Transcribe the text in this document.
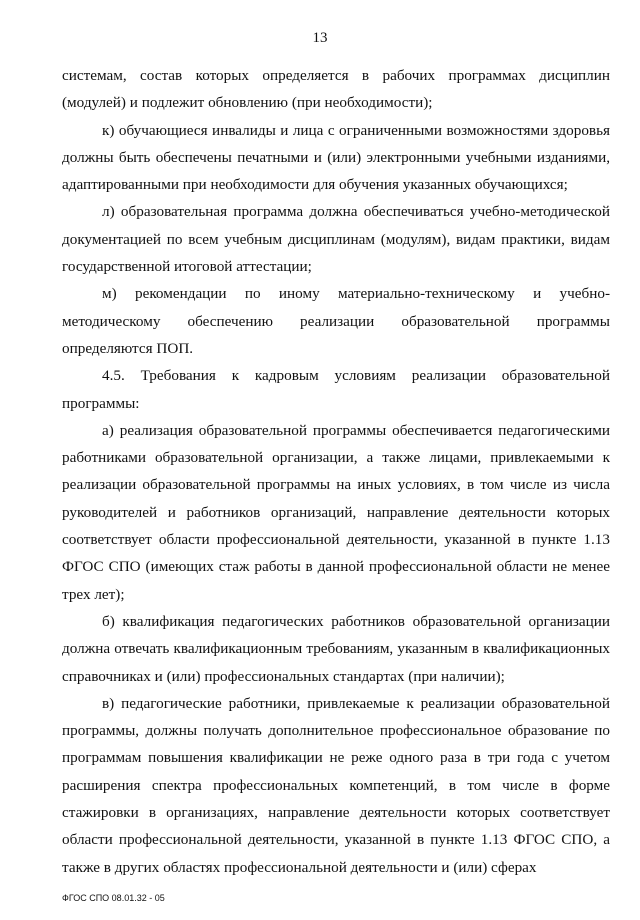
13

системам, состав которых определяется в рабочих программах дисциплин (модулей) и подлежит обновлению (при необходимости);

к) обучающиеся инвалиды и лица с ограниченными возможностями здоровья должны быть обеспечены печатными и (или) электронными учебными изданиями, адаптированными при необходимости для обучения указанных обучающихся;

л) образовательная программа должна обеспечиваться учебно-методической документацией по всем учебным дисциплинам (модулям), видам практики, видам государственной итоговой аттестации;

м) рекомендации по иному материально-техническому и учебно-методическому обеспечению реализации образовательной программы определяются ПОП.

4.5. Требования к кадровым условиям реализации образовательной программы:

а) реализация образовательной программы обеспечивается педагогическими работниками образовательной организации, а также лицами, привлекаемыми к реализации образовательной программы на иных условиях, в том числе из числа руководителей и работников организаций, направление деятельности которых соответствует области профессиональной деятельности, указанной в пункте 1.13 ФГОС СПО (имеющих стаж работы в данной профессиональной области не менее трех лет);

б) квалификация педагогических работников образовательной организации должна отвечать квалификационным требованиям, указанным в квалификационных справочниках и (или) профессиональных стандартах (при наличии);

в) педагогические работники, привлекаемые к реализации образовательной программы, должны получать дополнительное профессиональное образование по программам повышения квалификации не реже одного раза в три года с учетом расширения спектра профессиональных компетенций, в том числе в форме стажировки в организациях, направление деятельности которых соответствует области профессиональной деятельности, указанной в пункте 1.13 ФГОС СПО, а также в других областях профессиональной деятельности и (или) сферах

ФГОС СПО 08.01.32 - 05
